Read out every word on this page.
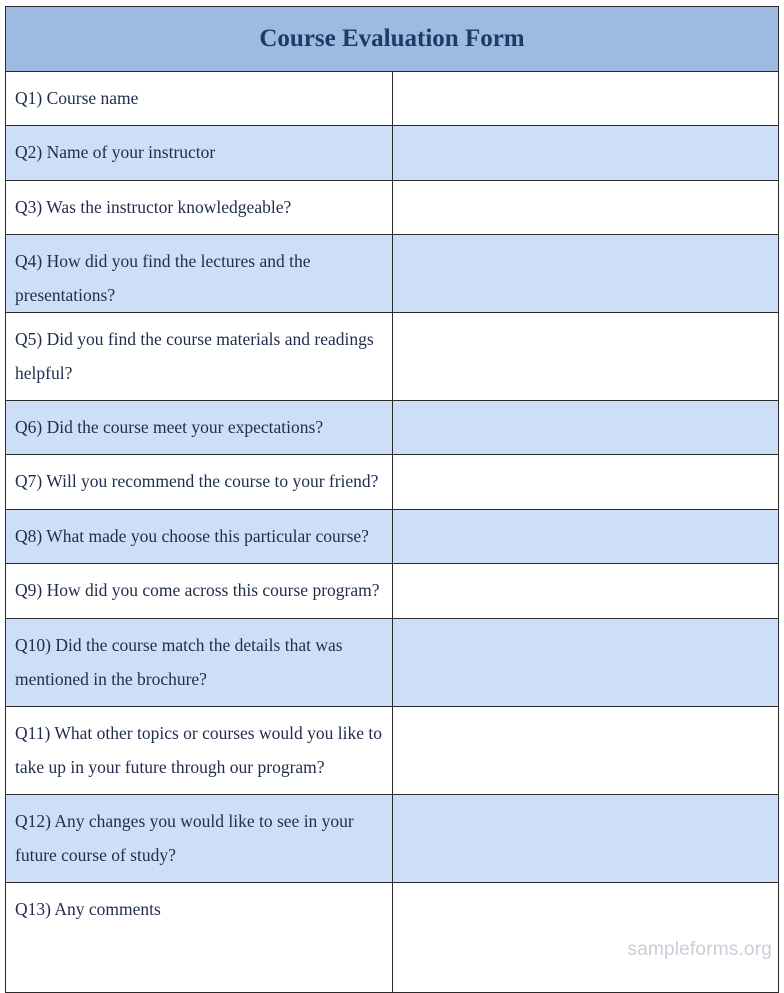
Course Evaluation Form	
Q1) Course name	
Q2) Name of your instructor	
Q3) Was the instructor knowledgeable?	
Q4) How did you find the lectures and the presentations?	
Q5) Did you find the course materials and readings helpful?	
Q6) Did the course meet your expectations?	
Q7) Will you recommend the course to your friend?	
Q8) What made you choose this particular course?	
Q9) How did you come across this course program?	
Q10) Did the course match the details that was mentioned in the brochure?	
Q11) What other topics or courses would you like to take up in your future through our program?	
Q12) Any changes you would like to see in your future course of study?	
Q13) Any comments	
sampleforms.org
